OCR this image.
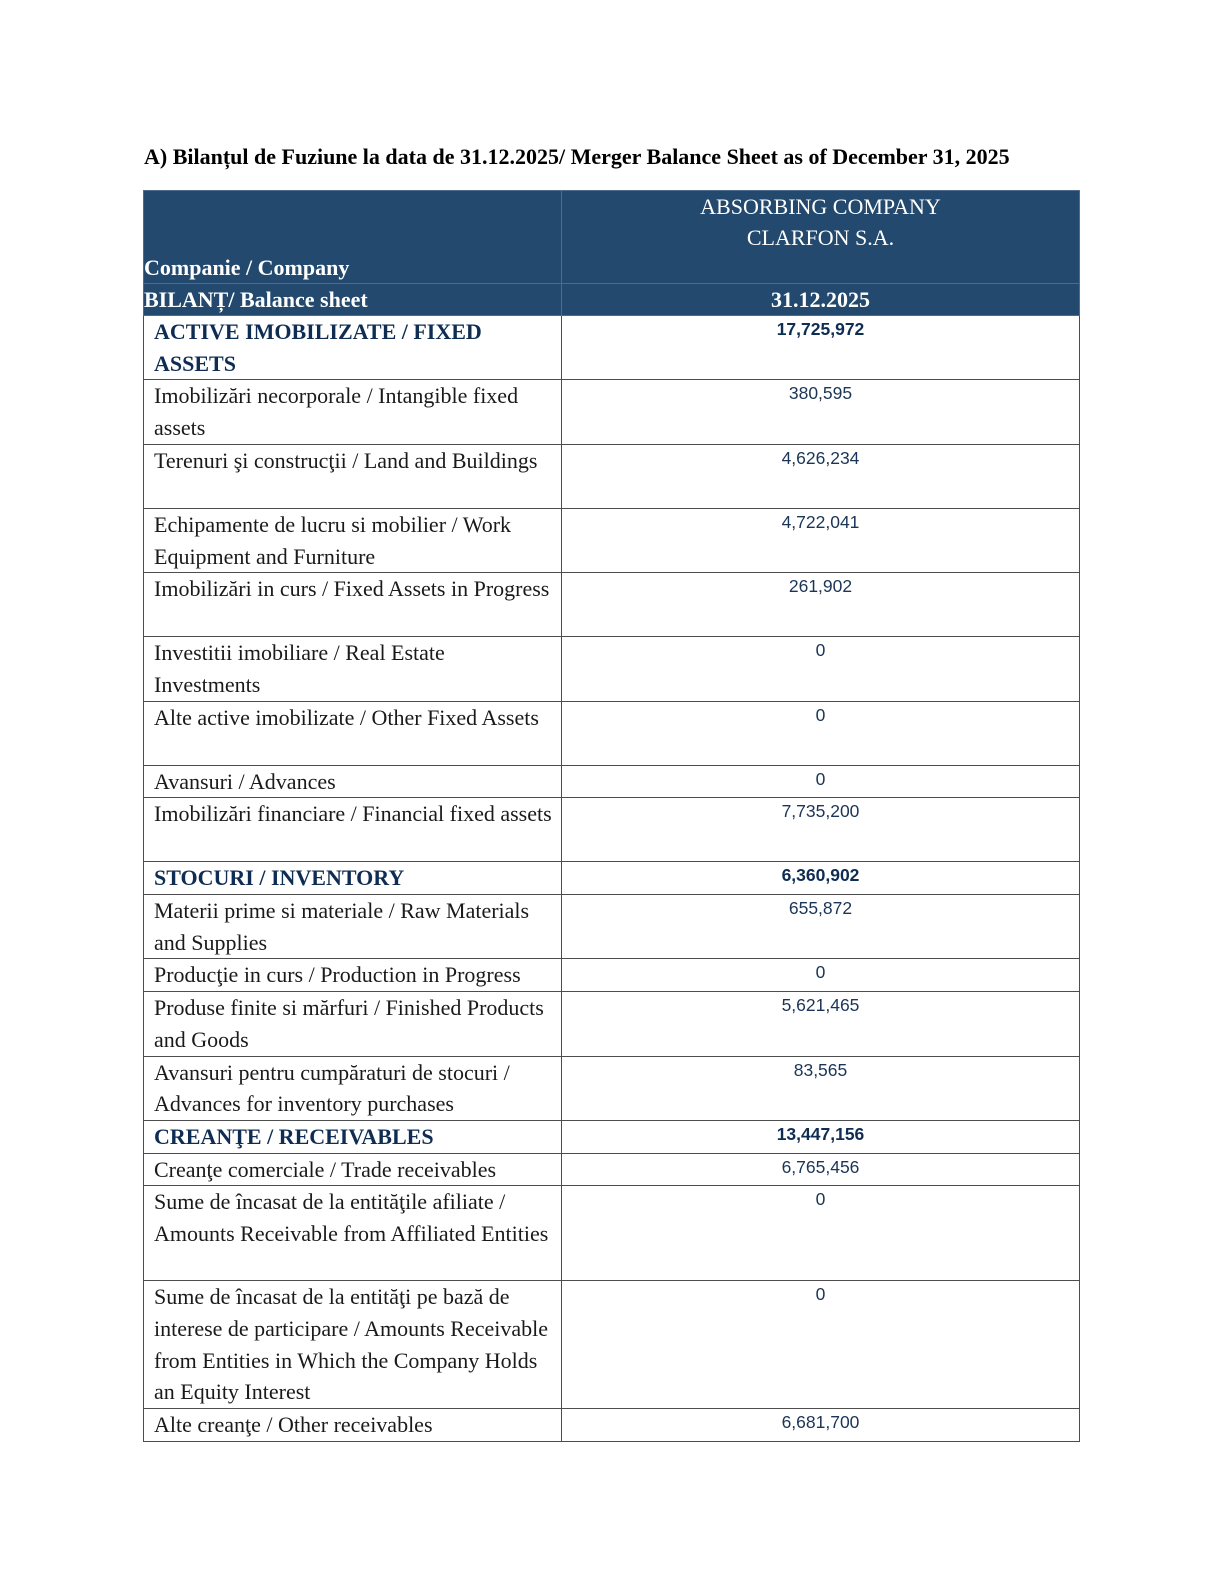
A) Bilanțul de Fuziune la data de 31.12.2025/ Merger Balance Sheet as of December 31, 2025
Companie / Company	ABSORBING COMPANY
CLARFON S.A.

BILANȚ/ Balance sheet	31.12.2025

ACTIVE IMOBILIZATE / FIXED ASSETS	17,725,972

Imobilizări necorporale / Intangible fixed assets	380,595

Terenuri şi construcţii / Land and Buildings	4,626,234

Echipamente de lucru si mobilier / Work Equipment and Furniture	4,722,041

Imobilizări in curs / Fixed Assets in Progress	261,902

Investitii imobiliare / Real Estate Investments	0

Alte active imobilizate / Other Fixed Assets	0

Avansuri / Advances	0

Imobilizări financiare / Financial fixed assets	7,735,200

STOCURI / INVENTORY	6,360,902

Materii prime si materiale / Raw Materials and Supplies	655,872

Producţie in curs / Production in Progress	0

Produse finite si mărfuri / Finished Products and Goods	5,621,465

Avansuri pentru cumpăraturi de stocuri / Advances for inventory purchases	83,565

CREANŢE / RECEIVABLES	13,447,156

Creanţe comerciale / Trade receivables	6,765,456

Sume de încasat de la entităţile afiliate / Amounts Receivable from Affiliated Entities	0

Sume de încasat de la entităţi pe bază de interese de participare / Amounts Receivable from Entities in Which the Company Holds an Equity Interest	0

Alte creanţe / Other receivables	6,681,700
